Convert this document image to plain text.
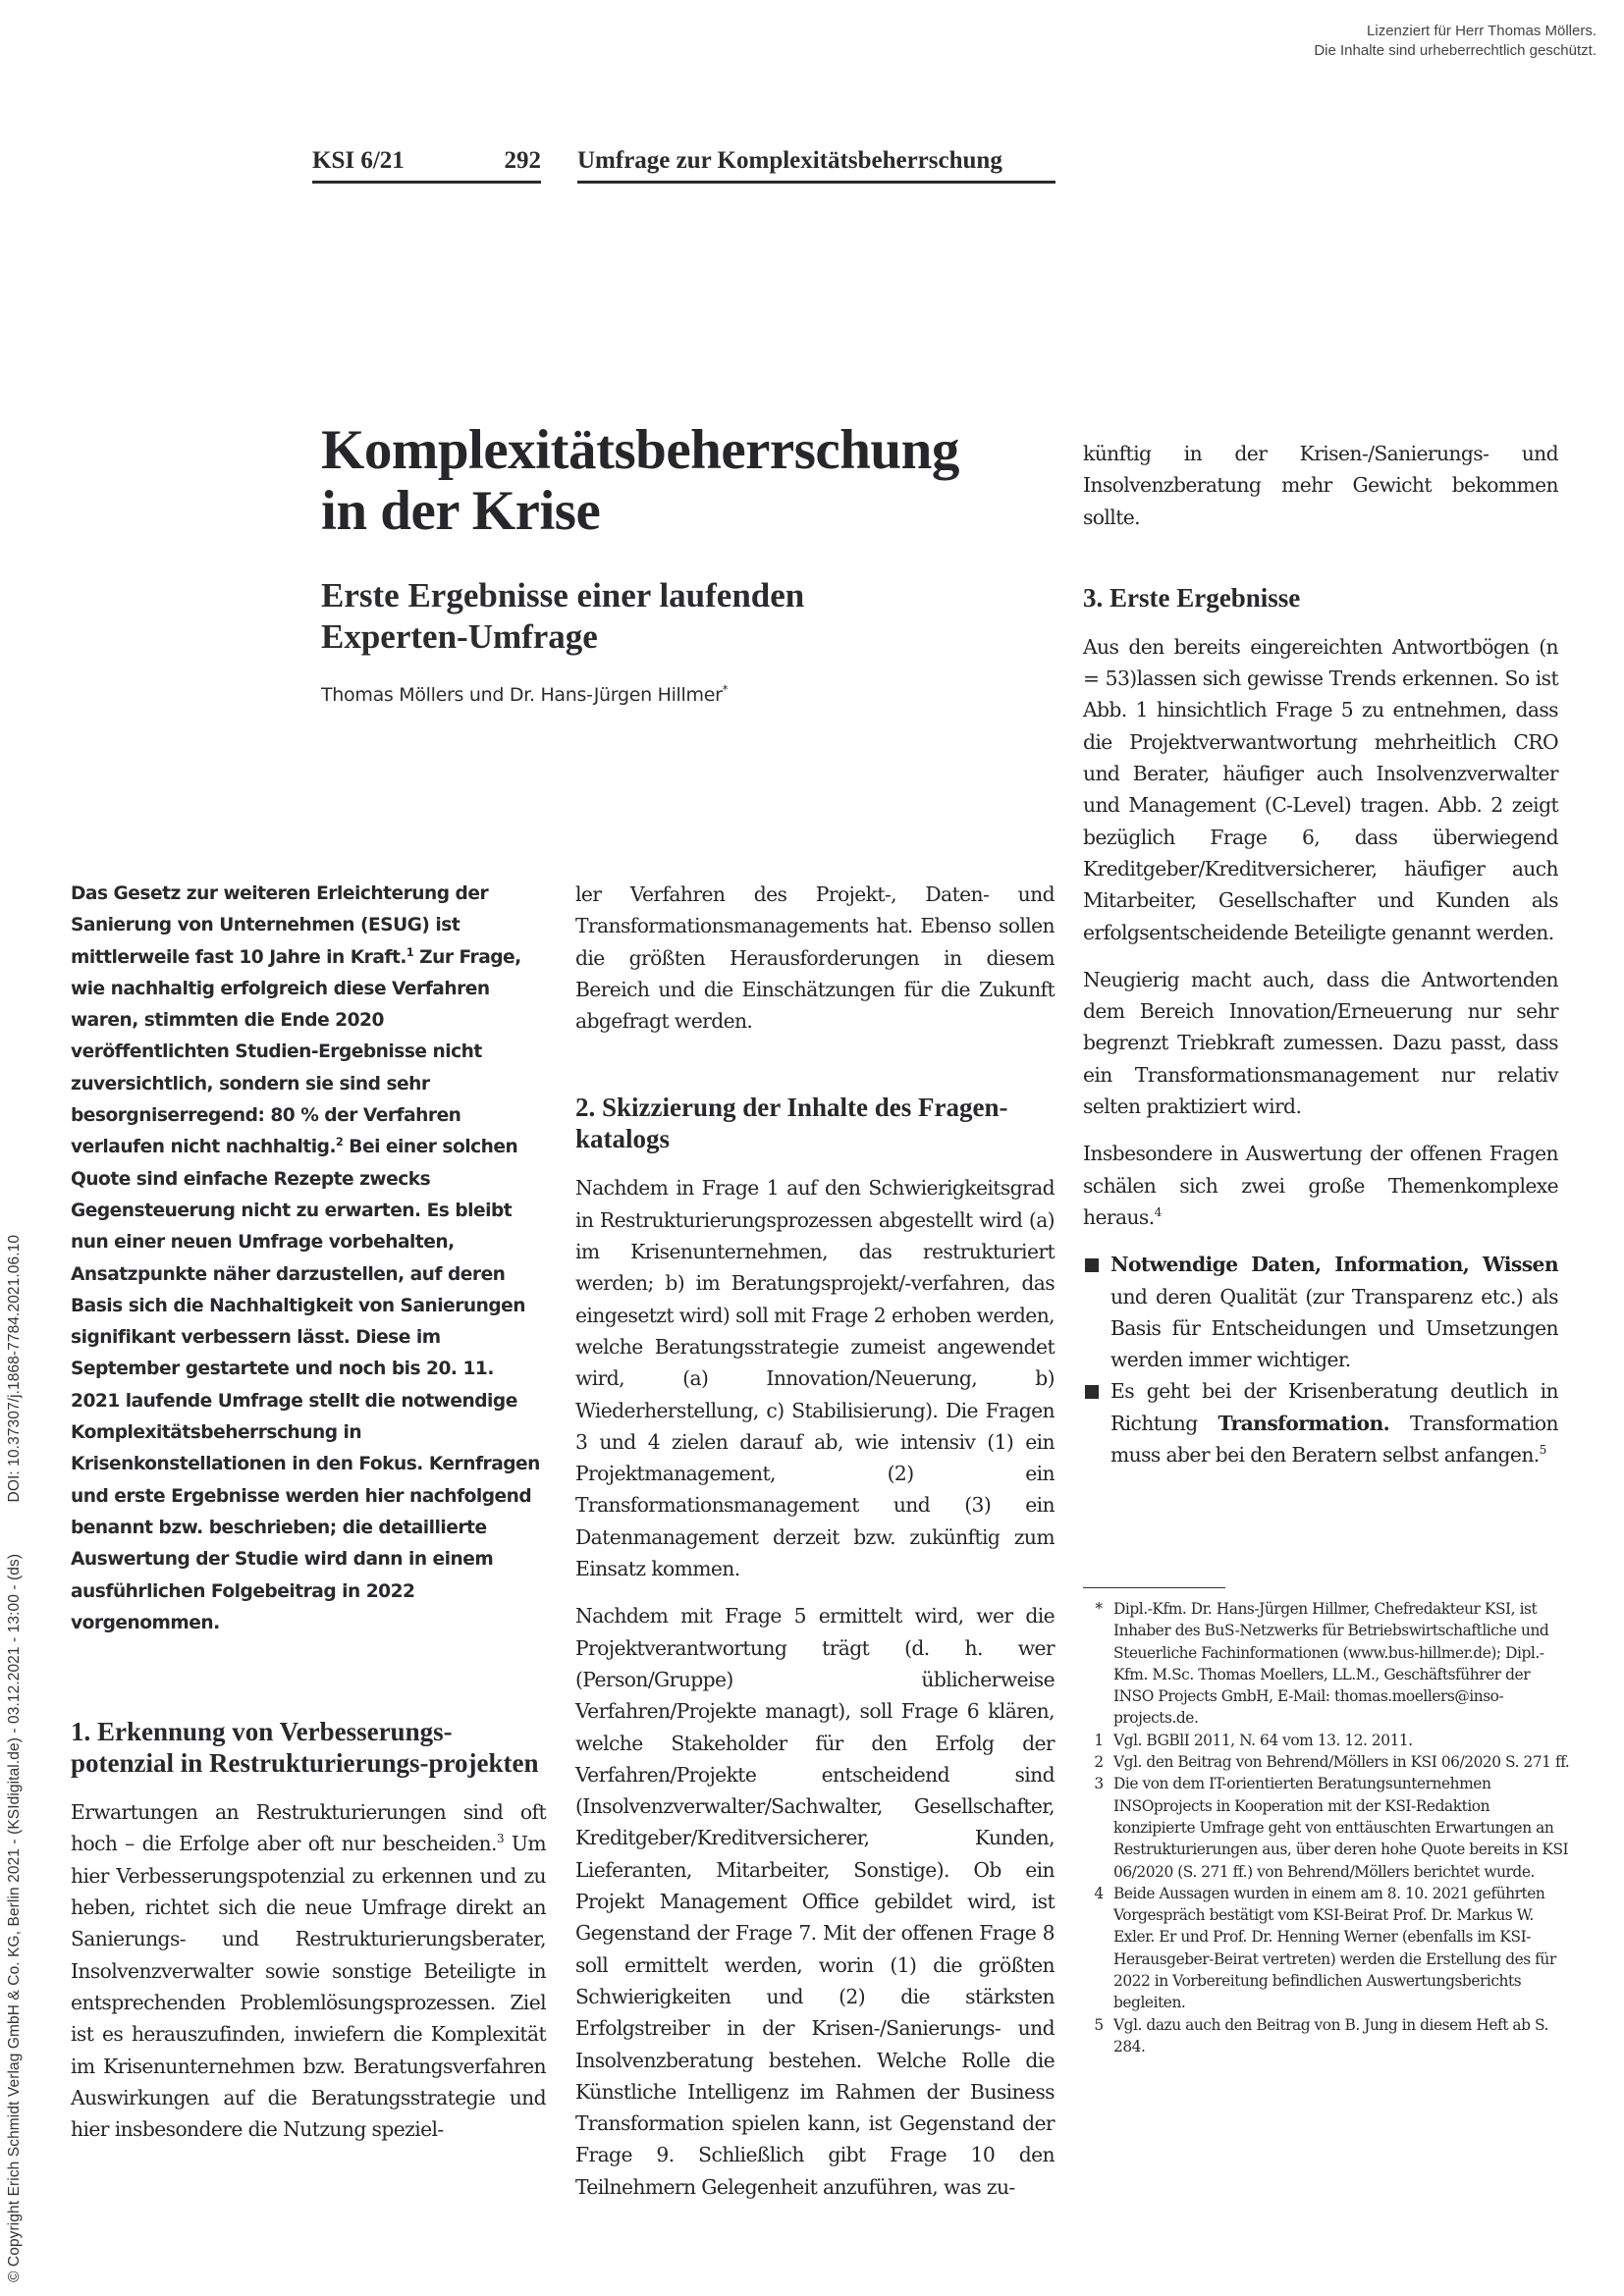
Lizenziert für Herr Thomas Möllers.
Die Inhalte sind urheberrechtlich geschützt.
© Copyright Erich Schmidt Verlag GmbH & Co. KG, Berlin 2021 - (KSIdigital.de) - 03.12.2021 - 13:00 - (ds) DOI: 10.37307/j.1868-7784.2021.06.10
KSI 6/21	292 Umfrage zur Komplexitätsbeherrschung
Komplexitätsbeherrschung
in der Krise
Erste Ergebnisse einer laufenden
Experten-Umfrage
Thomas Möllers und Dr. Hans-Jürgen Hillmer*

Das Gesetz zur weiteren Erleichterung der Sanierung von Unternehmen (ESUG) ist mittlerweile fast 10 Jahre in Kraft.$^1$ Zur Frage, wie nachhaltig erfolgreich diese Verfahren waren, stimmten die Ende 2020 veröffentlichten Studien-Ergebnisse nicht zuversichtlich, sondern sie sind sehr besorgniserregend: 80 % der Verfahren verlaufen nicht nachhaltig.$^2$ Bei einer solchen Quote sind einfache Rezepte zwecks Gegensteuerung nicht zu erwarten. Es bleibt nun einer neuen Umfrage vorbehalten, Ansatzpunkte näher darzustellen, auf deren Basis sich die Nachhaltigkeit von Sanierungen signifikant verbessern lässt. Diese im September gestartete und noch bis 20. 11. 2021 laufende Umfrage stellt die notwendige Komplexitätsbeherrschung in Krisenkonstellationen in den Fokus. Kernfragen und erste Ergebnisse werden hier nachfolgend benannt bzw. beschrieben; die detaillierte Auswertung der Studie wird dann in einem ausführlichen Folgebeitrag in 2022 vorgenommen.

1. Erkennung von Verbesserungs-potenzial in Restrukturierungs-projekten

Erwartungen an Restrukturierungen sind oft hoch – die Erfolge aber oft nur bescheiden.$^3$ Um hier Verbesserungspotenzial zu erkennen und zu heben, richtet sich die neue Umfrage direkt an Sanierungs- und Restrukturierungsberater, Insolvenzverwalter sowie sonstige Beteiligte in entsprechenden Problemlösungsprozessen. Ziel ist es herauszufinden, inwiefern die Komplexität im Krisenunternehmen bzw. Beratungsverfahren Auswirkungen auf die Beratungsstrategie und hier insbesondere die Nutzung speziel-

ler Verfahren des Projekt-, Daten- und Transformationsmanagements hat. Ebenso sollen die größten Herausforderungen in diesem Bereich und die Einschätzungen für die Zukunft abgefragt werden.

2. Skizzierung der Inhalte des Fragen-katalogs

Nachdem in Frage 1 auf den Schwierigkeitsgrad in Restrukturierungsprozessen abgestellt wird (a) im Krisenunternehmen, das restrukturiert werden; b) im Beratungsprojekt/-verfahren, das eingesetzt wird) soll mit Frage 2 erhoben werden, welche Beratungsstrategie zumeist angewendet wird, (a) Innovation/Neuerung, b) Wiederherstellung, c) Stabilisierung). Die Fragen 3 und 4 zielen darauf ab, wie intensiv (1) ein Projektmanagement, (2) ein Transformationsmanagement und (3) ein Datenmanagement derzeit bzw. zukünftig zum Einsatz kommen.

Nachdem mit Frage 5 ermittelt wird, wer die Projektverantwortung trägt (d. h. wer (Person/Gruppe) üblicherweise Verfahren/Projekte managt), soll Frage 6 klären, welche Stakeholder für den Erfolg der Verfahren/Projekte entscheidend sind (Insolvenzverwalter/Sachwalter, Gesellschafter, Kreditgeber/Kreditversicherer, Kunden, Lieferanten, Mitarbeiter, Sonstige). Ob ein Projekt Management Office gebildet wird, ist Gegenstand der Frage 7. Mit der offenen Frage 8 soll ermittelt werden, worin (1) die größten Schwierigkeiten und (2) die stärksten Erfolgstreiber in der Krisen-/Sanierungs- und Insolvenzberatung bestehen. Welche Rolle die Künstliche Intelligenz im Rahmen der Business Transformation spielen kann, ist Gegenstand der Frage 9. Schließlich gibt Frage 10 den Teilnehmern Gelegenheit anzuführen, was zu-

künftig in der Krisen-/Sanierungs- und Insolvenzberatung mehr Gewicht bekommen sollte.

3. Erste Ergebnisse

Aus den bereits eingereichten Antwortbögen (n = 53)lassen sich gewisse Trends erkennen. So ist Abb. 1 hinsichtlich Frage 5 zu entnehmen, dass die Projektverwantwortung mehrheitlich CRO und Berater, häufiger auch Insolvenzverwalter und Management (C-Level) tragen. Abb. 2 zeigt bezüglich Frage 6, dass überwiegend Kreditgeber/Kreditversicherer, häufiger auch Mitarbeiter, Gesellschafter und Kunden als erfolgsentscheidende Beteiligte genannt werden.

Neugierig macht auch, dass die Antwortenden dem Bereich Innovation/Erneuerung nur sehr begrenzt Triebkraft zumessen. Dazu passt, dass ein Transformationsmanagement nur relativ selten praktiziert wird.

Insbesondere in Auswertung der offenen Fragen schälen sich zwei große Themenkomplexe heraus.$^4$

Notwendige Daten, Information, Wissen und deren Qualität (zur Transparenz etc.) als Basis für Entscheidungen und Umsetzungen werden immer wichtiger.
Es geht bei der Krisenberatung deutlich in Richtung Transformation. Transformation muss aber bei den Beratern selbst anfangen.$^5$
* Dipl.-Kfm. Dr. Hans-Jürgen Hillmer, Chefredakteur KSI, ist Inhaber des BuS-Netzwerks für Betriebswirtschaftliche und Steuerliche Fachinformationen (www.bus-hillmer.de); Dipl.-Kfm. M.Sc. Thomas Moellers, LL.M., Geschäftsführer der INSO Projects GmbH, E-Mail: thomas.moellers@inso-projects.de.
1 Vgl. BGBlI 2011, N. 64 vom 13. 12. 2011.
2 Vgl. den Beitrag von Behrend/Möllers in KSI 06/2020 S. 271 ff.
3 Die von dem IT-orientierten Beratungsunternehmen INSOprojects in Kooperation mit der KSI-Redaktion konzipierte Umfrage geht von enttäuschten Erwartungen an Restrukturierungen aus, über deren hohe Quote bereits in KSI 06/2020 (S. 271 ff.) von Behrend/Möllers berichtet wurde.
4 Beide Aussagen wurden in einem am 8. 10. 2021 geführten Vorgespräch bestätigt vom KSI-Beirat Prof. Dr. Markus W. Exler. Er und Prof. Dr. Henning Werner (ebenfalls im KSI-Herausgeber-Beirat vertreten) werden die Erstellung des für 2022 in Vorbereitung befindlichen Auswertungsberichts begleiten.
5 Vgl. dazu auch den Beitrag von B. Jung in diesem Heft ab S. 284.
